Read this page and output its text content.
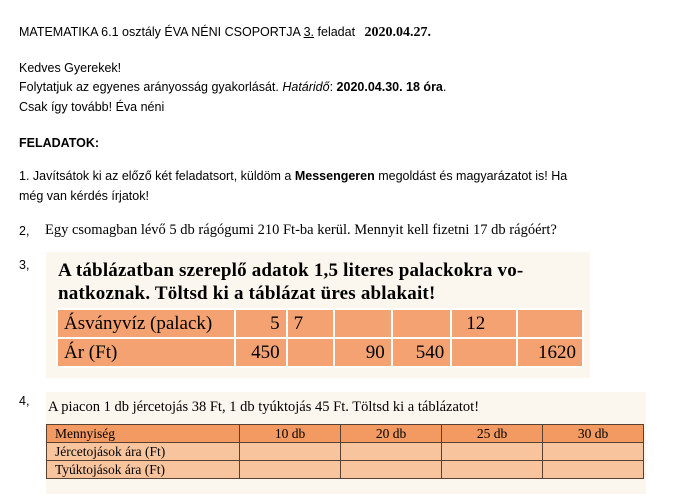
MATEMATIKA 6.1 osztály ÉVA NÉNI CSOPORTJA 3. feladat 2020.04.27.
Kedves Gyerekek!
Folytatjuk az egyenes arányosság gyakorlását. Határidő: 2020.04.30. 18 óra.
Csak így tovább! Éva néni
FELADATOK:
1. Javítsátok ki az előző két feladatsort, küldöm a Messengeren megoldást és magyarázatot is! Ha
még van kérdés írjatok!
2, Egy csomagban lévő 5 db rágógumi 210 Ft-ba kerül. Mennyit kell fizetni 17 db rágóért?
3, A táblázatban szereplő adatok 1,5 literes palackokra vo-
natkoznak. Töltsd ki a táblázat üres ablakait!
Ásványvíz (palack)	5	7			12	
Ár (Ft)	450		90	540		1620
4, A piacon 1 db jércetojás 38 Ft, 1 db tyúktojás 45 Ft. Töltsd ki a táblázatot!
Mennyiség	10 db	20 db	25 db	30 db
Jércetojások ára (Ft)				
Tyúktojások ára (Ft)				
